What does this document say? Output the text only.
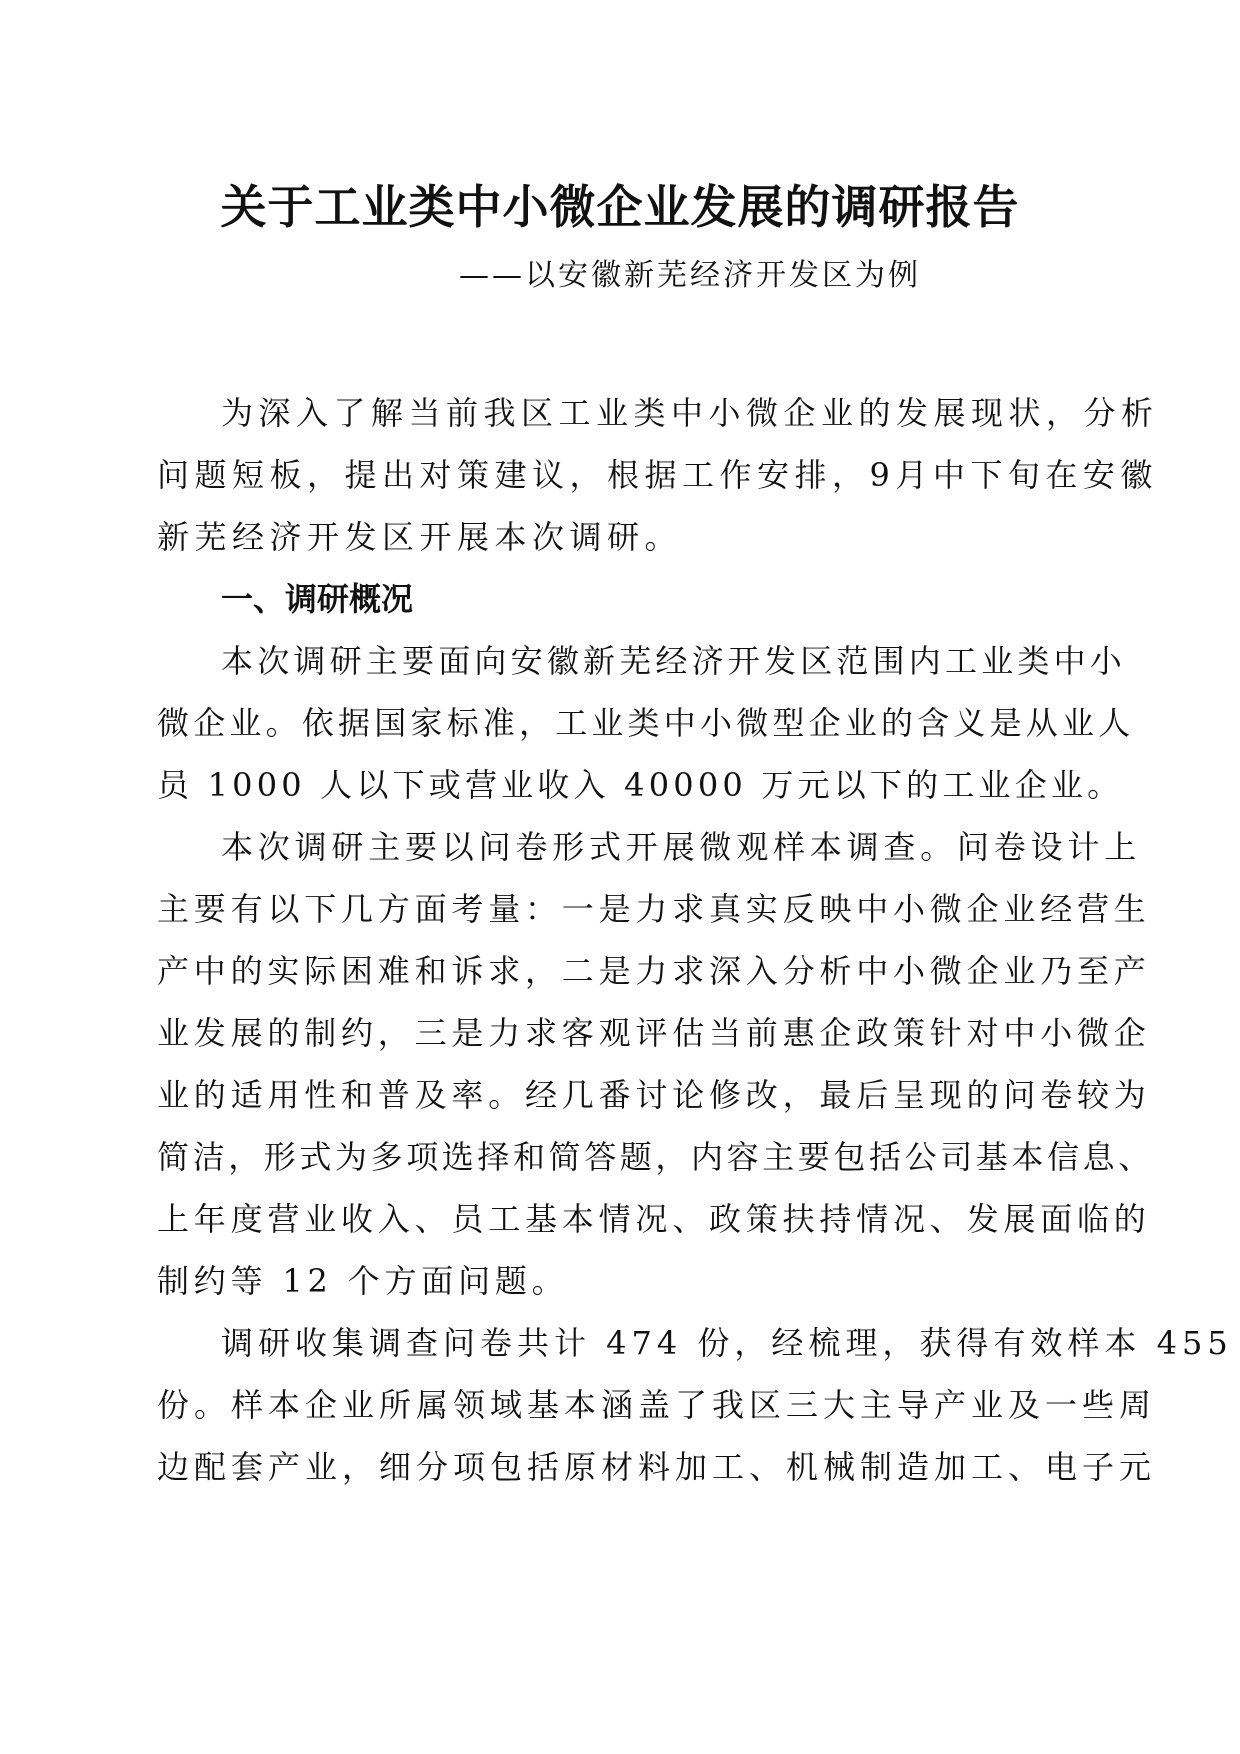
关于工业类中小微企业发展的调研报告
——以安徽新芜经济开发区为例
为深入了解当前我区工业类中小微企业的发展现状，分析
问题短板，提出对策建议，根据工作安排，9月中下旬在安徽
新芜经济开发区开展本次调研。
一、调研概况
本次调研主要面向安徽新芜经济开发区范围内工业类中小
微企业。依据国家标准，工业类中小微型企业的含义是从业人
员 1000 人以下或营业收入 40000 万元以下的工业企业。
本次调研主要以问卷形式开展微观样本调查。问卷设计上
主要有以下几方面考量：一是力求真实反映中小微企业经营生
产中的实际困难和诉求，二是力求深入分析中小微企业乃至产
业发展的制约，三是力求客观评估当前惠企政策针对中小微企
业的适用性和普及率。经几番讨论修改，最后呈现的问卷较为
简洁，形式为多项选择和简答题，内容主要包括公司基本信息、
上年度营业收入、员工基本情况、政策扶持情况、发展面临的
制约等 12 个方面问题。
调研收集调查问卷共计 474 份，经梳理，获得有效样本 455
份。样本企业所属领域基本涵盖了我区三大主导产业及一些周
边配套产业，细分项包括原材料加工、机械制造加工、电子元
